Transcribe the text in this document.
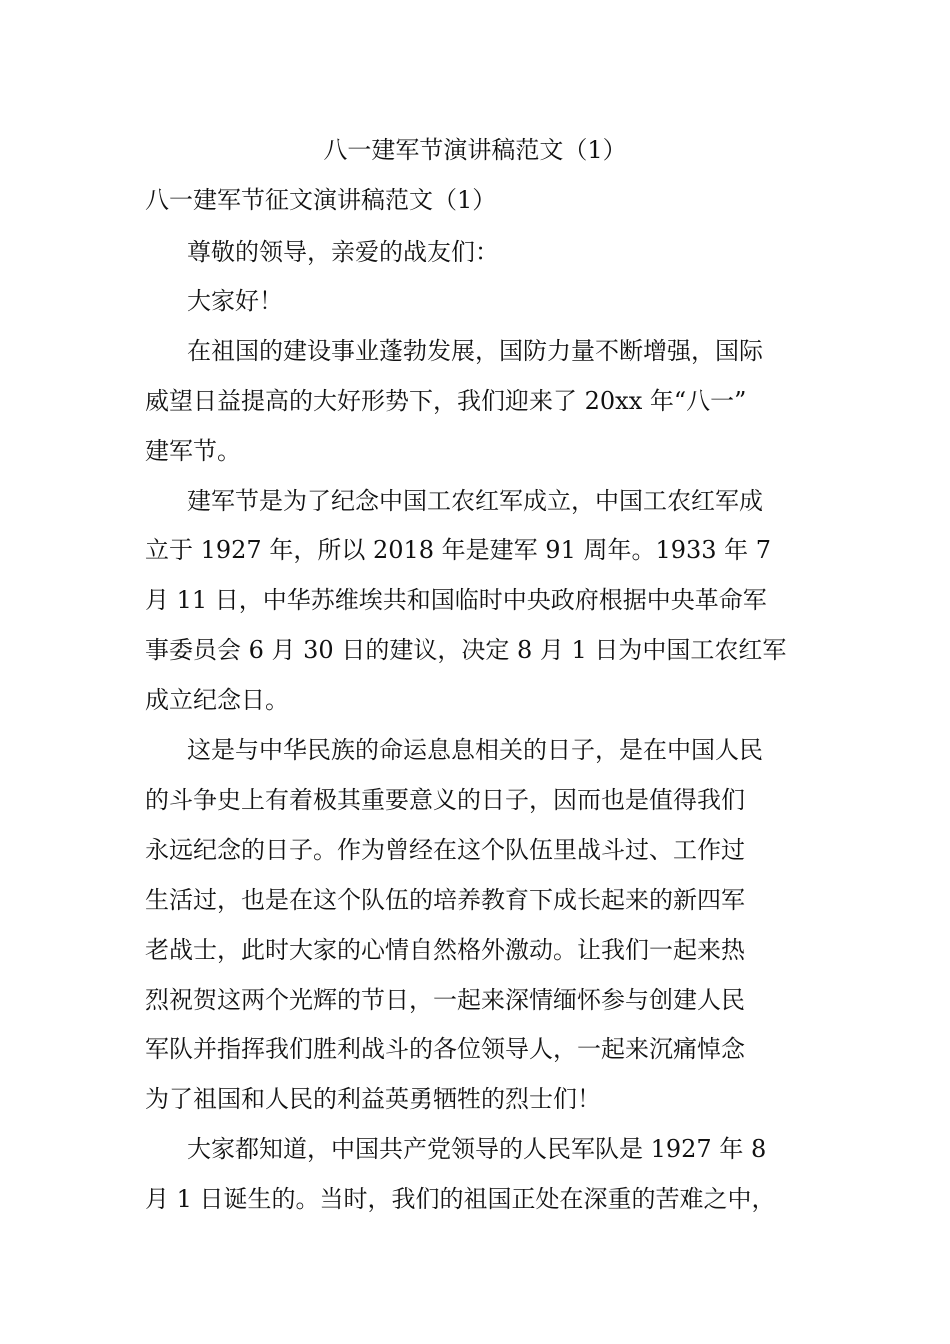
八一建军节演讲稿范文（1）

八一建军节征文演讲稿范文（1）

尊敬的领导，亲爱的战友们：

大家好！

在祖国的建设事业蓬勃发展，国防力量不断增强，国际

威望日益提高的大好形势下，我们迎来了 20xx 年“八一”

建军节。

建军节是为了纪念中国工农红军成立，中国工农红军成

立于 1927 年，所以 2018 年是建军 91 周年。1933 年 7

月 11 日，中华苏维埃共和国临时中央政府根据中央革命军

事委员会 6 月 30 日的建议，决定 8 月 1 日为中国工农红军

成立纪念日。

这是与中华民族的命运息息相关的日子，是在中国人民

的斗争史上有着极其重要意义的日子，因而也是值得我们

永远纪念的日子。作为曾经在这个队伍里战斗过、工作过

生活过，也是在这个队伍的培养教育下成长起来的新四军

老战士，此时大家的心情自然格外激动。让我们一起来热

烈祝贺这两个光辉的节日，一起来深情缅怀参与创建人民

军队并指挥我们胜利战斗的各位领导人，一起来沉痛悼念

为了祖国和人民的利益英勇牺牲的烈士们！

大家都知道，中国共产党领导的人民军队是 1927 年 8

月 1 日诞生的。当时，我们的祖国正处在深重的苦难之中，
